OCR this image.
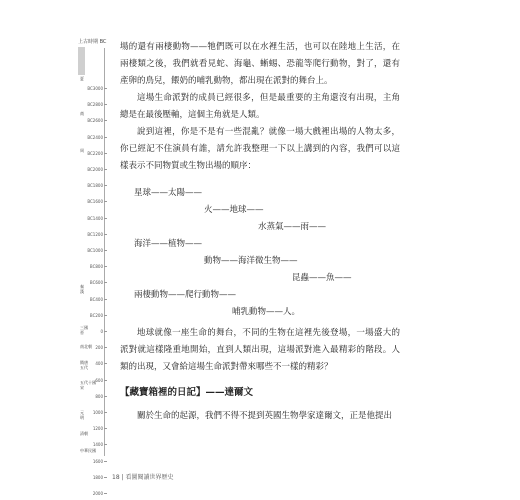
上古時期 BC
BC3000
BC2800
BC2600
BC2400
BC2200
BC2000
BC1800
BC1600
BC1400
BC1200
BC1000
BC800
BC600
BC400
BC200
0
200
400
600
800
1000
1200
1400
1600
1800
2000
夏
商
周
秦
漢
三國
晉
南北朝
隋唐
五代
五代十國
宋
元
明
清朝
中華民國

場的還有兩棲動物——牠們既可以在水裡生活，也可以在陸地上生活，在兩棲類之後，我們就看見蛇、海龜、蜥蜴、恐龍等爬行動物，對了，還有產卵的鳥兒，餵奶的哺乳動物，都出現在派對的舞台上。

這場生命派對的成員已經很多，但是最重要的主角還沒有出現，主角總是在最後壓軸，這個主角就是人類。

說到這裡，你是不是有一些混亂？就像一場大戲裡出場的人物太多，你已經記不住演員有誰，請允許我整理一下以上講到的內容，我們可以這樣表示不同物質或生物出場的順序：

星球——太陽——
火——地球——
水蒸氣——雨——
海洋——植物——
動物——海洋微生物——
昆蟲——魚——
兩棲動物——爬行動物——
哺乳動物——人。

地球就像一座生命的舞台，不同的生物在這裡先後登場，一場盛大的派對就這樣隆重地開始，直到人類出現，這場派對進入最精彩的階段。人類的出現，又會給這場生命派對帶來哪些不一樣的精彩？

【藏寶箱裡的日記】——達爾文

關於生命的起源，我們不得不提到英國生物學家達爾文，正是他提出

18 | 看圖閱讀世界歷史
